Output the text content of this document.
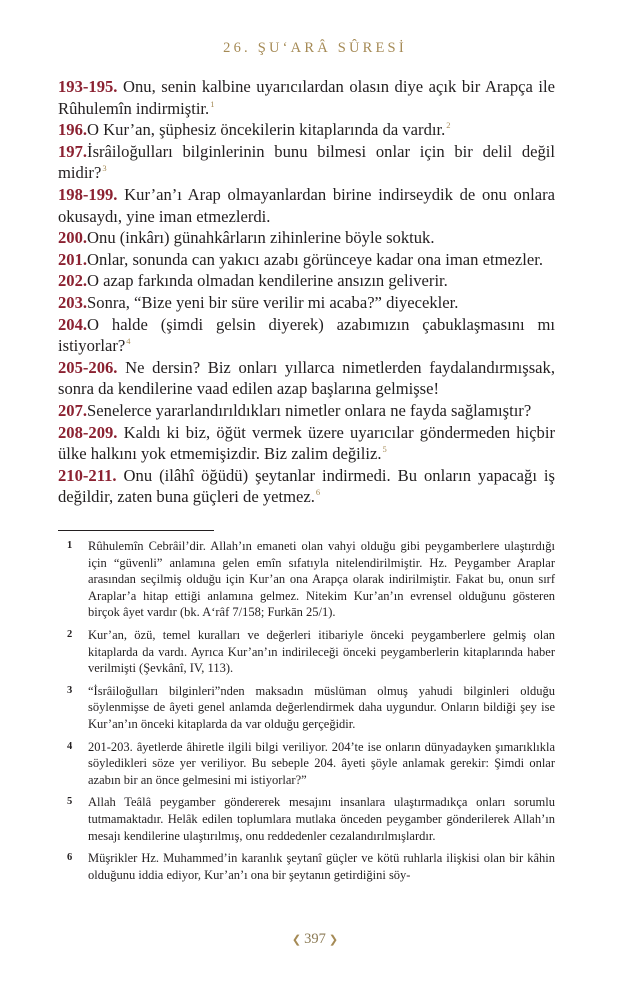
26. ŞU‘ARÂ SÛRESİ
193-195. Onu, senin kalbine uyarıcılardan olasın diye açık bir Arapça ile Rûhulemîn indirmiştir.$^1$
196.O Kur’an, şüphesiz öncekilerin kitaplarında da vardır.$^2$
197.İsrâiloğulları bilginlerinin bunu bilmesi onlar için bir delil değil midir?$^3$
198-199. Kur’an’ı Arap olmayanlardan birine indirseydik de onu onlara okusaydı, yine iman etmezlerdi.
200.Onu (inkârı) günahkârların zihinlerine böyle soktuk.
201.Onlar, sonunda can yakıcı azabı görünceye kadar ona iman etmezler.
202.O azap farkında olmadan kendilerine ansızın geliverir.
203.Sonra, “Bize yeni bir süre verilir mi acaba?” diyecekler.
204.O halde (şimdi gelsin diyerek) azabımızın çabuklaşmasını mı istiyorlar?$^4$
205-206. Ne dersin? Biz onları yıllarca nimetlerden faydalandırmışsak, sonra da kendilerine vaad edilen azap başlarına gelmişse!
207.Senelerce yararlandırıldıkları nimetler onlara ne fayda sağlamıştır?
208-209. Kaldı ki biz, öğüt vermek üzere uyarıcılar göndermeden hiçbir ülke halkını yok etmemişizdir. Biz zalim değiliz.$^5$
210-211. Onu (ilâhî öğüdü) şeytanlar indirmedi. Bu onların yapacağı iş değildir, zaten buna güçleri de yetmez.$^6$
1 Rûhulemîn Cebrâil’dir. Allah’ın emaneti olan vahyi olduğu gibi peygamberlere ulaştırdığı için “güvenli” anlamına gelen emîn sıfatıyla nitelendirilmiştir. Hz. Peygamber Araplar arasından seçilmiş olduğu için Kur’an ona Arapça olarak indirilmiştir. Fakat bu, onun sırf Araplar’a hitap ettiği anlamına gelmez. Nitekim Kur’an’ın evrensel olduğunu gösteren birçok âyet vardır (bk. A‘râf 7/158; Furkān 25/1).
2 Kur’an, özü, temel kuralları ve değerleri itibariyle önceki peygamberlere gelmiş olan kitaplarda da vardı. Ayrıca Kur’an’ın indirileceği önceki peygamberlerin kitaplarında haber verilmişti (Şevkânî, IV, 113).
3 “İsrâiloğulları bilginleri”nden maksadın müslüman olmuş yahudi bilginleri olduğu söylenmişse de âyeti genel anlamda değerlendirmek daha uygundur. Onların bildiği şey ise Kur’an’ın önceki kitaplarda da var olduğu gerçeğidir.
4 201-203. âyetlerde âhiretle ilgili bilgi veriliyor. 204’te ise onların dünyadayken şımarıklıkla söyledikleri söze yer veriliyor. Bu sebeple 204. âyeti şöyle anlamak gerekir: Şimdi onlar azabın bir an önce gelmesini mi istiyorlar?”
5 Allah Teâlâ peygamber göndererek mesajını insanlara ulaştırmadıkça onları sorumlu tutmamaktadır. Helâk edilen toplumlara mutlaka önceden peygamber gönderilerek Allah’ın mesajı kendilerine ulaştırılmış, onu reddedenler cezalandırılmışlardır.
6 Müşrikler Hz. Muhammed’in karanlık şeytanî güçler ve kötü ruhlarla ilişkisi olan bir kâhin olduğunu iddia ediyor, Kur’an’ı ona bir şeytanın getirdiğini söy-
❮ 397 ❯
